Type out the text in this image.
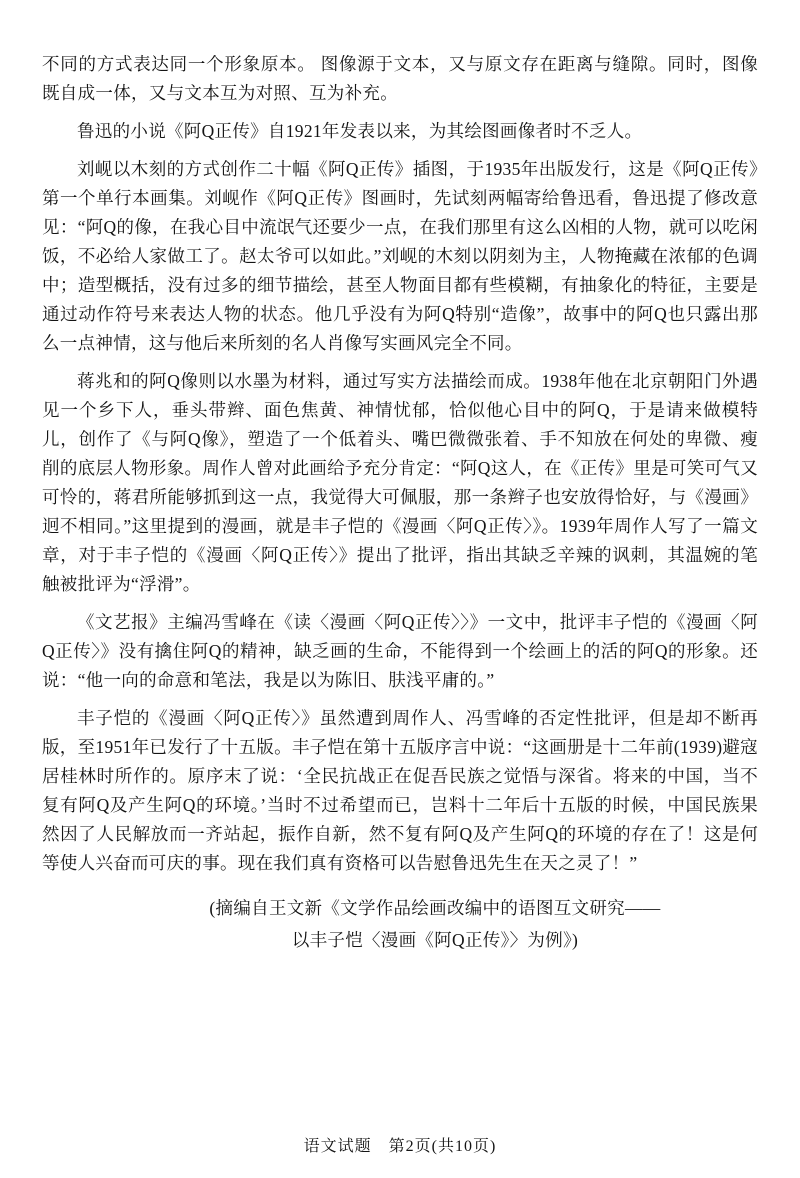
不同的方式表达同一个形象原本。 图像源于文本，又与原文存在距离与缝隙。同时，图像既自成一体，又与文本互为对照、互为补充。

鲁迅的小说《阿Q正传》自1921年发表以来，为其绘图画像者时不乏人。

刘岘以木刻的方式创作二十幅《阿Q正传》插图，于1935年出版发行，这是《阿Q正传》第一个单行本画集。刘岘作《阿Q正传》图画时，先试刻两幅寄给鲁迅看，鲁迅提了修改意见：“阿Q的像，在我心目中流氓气还要少一点，在我们那里有这么凶相的人物，就可以吃闲饭，不必给人家做工了。赵太爷可以如此。”刘岘的木刻以阴刻为主，人物掩藏在浓郁的色调中；造型概括，没有过多的细节描绘，甚至人物面目都有些模糊，有抽象化的特征，主要是通过动作符号来表达人物的状态。他几乎没有为阿Q特别“造像”，故事中的阿Q也只露出那么一点神情，这与他后来所刻的名人肖像写实画风完全不同。

蒋兆和的阿Q像则以水墨为材料，通过写实方法描绘而成。1938年他在北京朝阳门外遇见一个乡下人，垂头带辫、面色焦黄、神情忧郁，恰似他心目中的阿Q，于是请来做模特儿，创作了《与阿Q像》，塑造了一个低着头、嘴巴微微张着、手不知放在何处的卑微、瘦削的底层人物形象。周作人曾对此画给予充分肯定：“阿Q这人，在《正传》里是可笑可气又可怜的，蒋君所能够抓到这一点，我觉得大可佩服，那一条辫子也安放得恰好，与《漫画》迥不相同。”这里提到的漫画，就是丰子恺的《漫画〈阿Q正传〉》。1939年周作人写了一篇文章，对于丰子恺的《漫画〈阿Q正传〉》提出了批评，指出其缺乏辛辣的讽刺，其温婉的笔触被批评为“浮滑”。

《文艺报》主编冯雪峰在《读〈漫画〈阿Q正传〉〉》一文中，批评丰子恺的《漫画〈阿Q正传〉》没有擒住阿Q的精神，缺乏画的生命，不能得到一个绘画上的活的阿Q的形象。还说：“他一向的命意和笔法，我是以为陈旧、肤浅平庸的。”

丰子恺的《漫画〈阿Q正传〉》虽然遭到周作人、冯雪峰的否定性批评，但是却不断再版，至1951年已发行了十五版。丰子恺在第十五版序言中说：“这画册是十二年前(1939)避寇居桂林时所作的。原序末了说：‘全民抗战正在促吾民族之觉悟与深省。将来的中国，当不复有阿Q及产生阿Q的环境。’当时不过希望而已，岂料十二年后十五版的时候，中国民族果然因了人民解放而一齐站起，振作自新，然不复有阿Q及产生阿Q的环境的存在了！这是何等使人兴奋而可庆的事。现在我们真有资格可以告慰鲁迅先生在天之灵了！”

(摘编自王文新《文学作品绘画改编中的语图互文研究——
以丰子恺〈漫画《阿Q正传》〉为例》)
语文试题　第2页(共10页)
